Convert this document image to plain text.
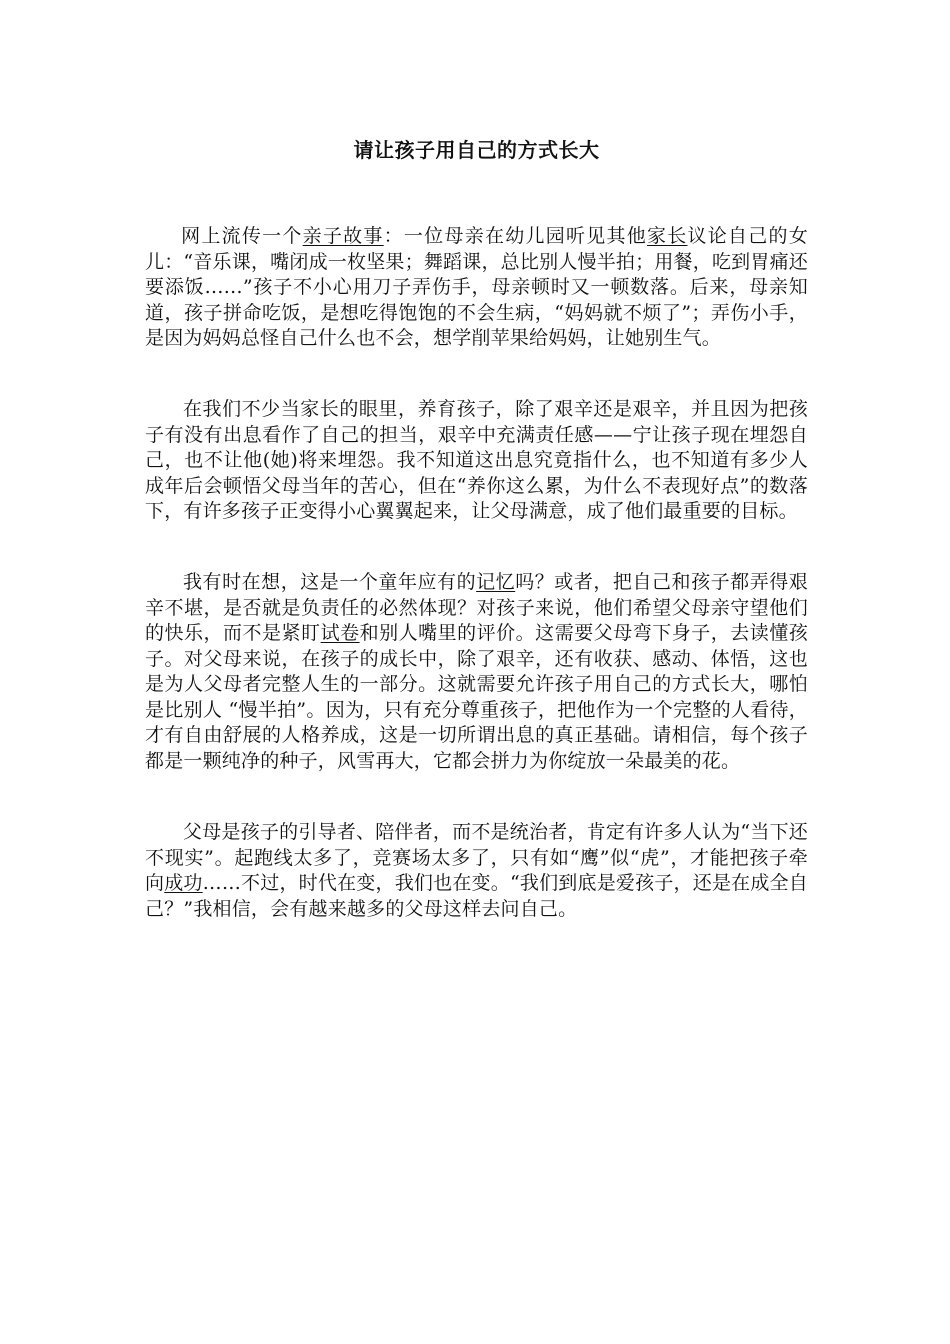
请让孩子用自己的方式长大

网上流传一个亲子故事：一位母亲在幼儿园听见其他家长议论自己的女儿：“音乐课，嘴闭成一枚坚果；舞蹈课，总比别人慢半拍；用餐，吃到胃痛还要添饭……”孩子不小心用刀子弄伤手，母亲顿时又一顿数落。后来，母亲知道，孩子拼命吃饭，是想吃得饱饱的不会生病，“妈妈就不烦了”；弄伤小手，是因为妈妈总怪自己什么也不会，想学削苹果给妈妈，让她别生气。

在我们不少当家长的眼里，养育孩子，除了艰辛还是艰辛，并且因为把孩子有没有出息看作了自己的担当，艰辛中充满责任感——宁让孩子现在埋怨自己，也不让他(她)将来埋怨。我不知道这出息究竟指什么，也不知道有多少人成年后会顿悟父母当年的苦心，但在“养你这么累，为什么不表现好点”的数落下，有许多孩子正变得小心翼翼起来，让父母满意，成了他们最重要的目标。

我有时在想，这是一个童年应有的记忆吗？或者，把自己和孩子都弄得艰辛不堪，是否就是负责任的必然体现？对孩子来说，他们希望父母亲守望他们的快乐，而不是紧盯试卷和别人嘴里的评价。这需要父母弯下身子，去读懂孩子。对父母来说，在孩子的成长中，除了艰辛，还有收获、感动、体悟，这也是为人父母者完整人生的一部分。这就需要允许孩子用自己的方式长大，哪怕是比别人 “慢半拍”。因为，只有充分尊重孩子，把他作为一个完整的人看待，才有自由舒展的人格养成，这是一切所谓出息的真正基础。请相信，每个孩子都是一颗纯净的种子，风雪再大，它都会拼力为你绽放一朵最美的花。

父母是孩子的引导者、陪伴者，而不是统治者，肯定有许多人认为“当下还不现实”。起跑线太多了，竞赛场太多了，只有如“鹰”似“虎”，才能把孩子牵向成功……不过，时代在变，我们也在变。“我们到底是爱孩子，还是在成全自己？”我相信，会有越来越多的父母这样去问自己。
